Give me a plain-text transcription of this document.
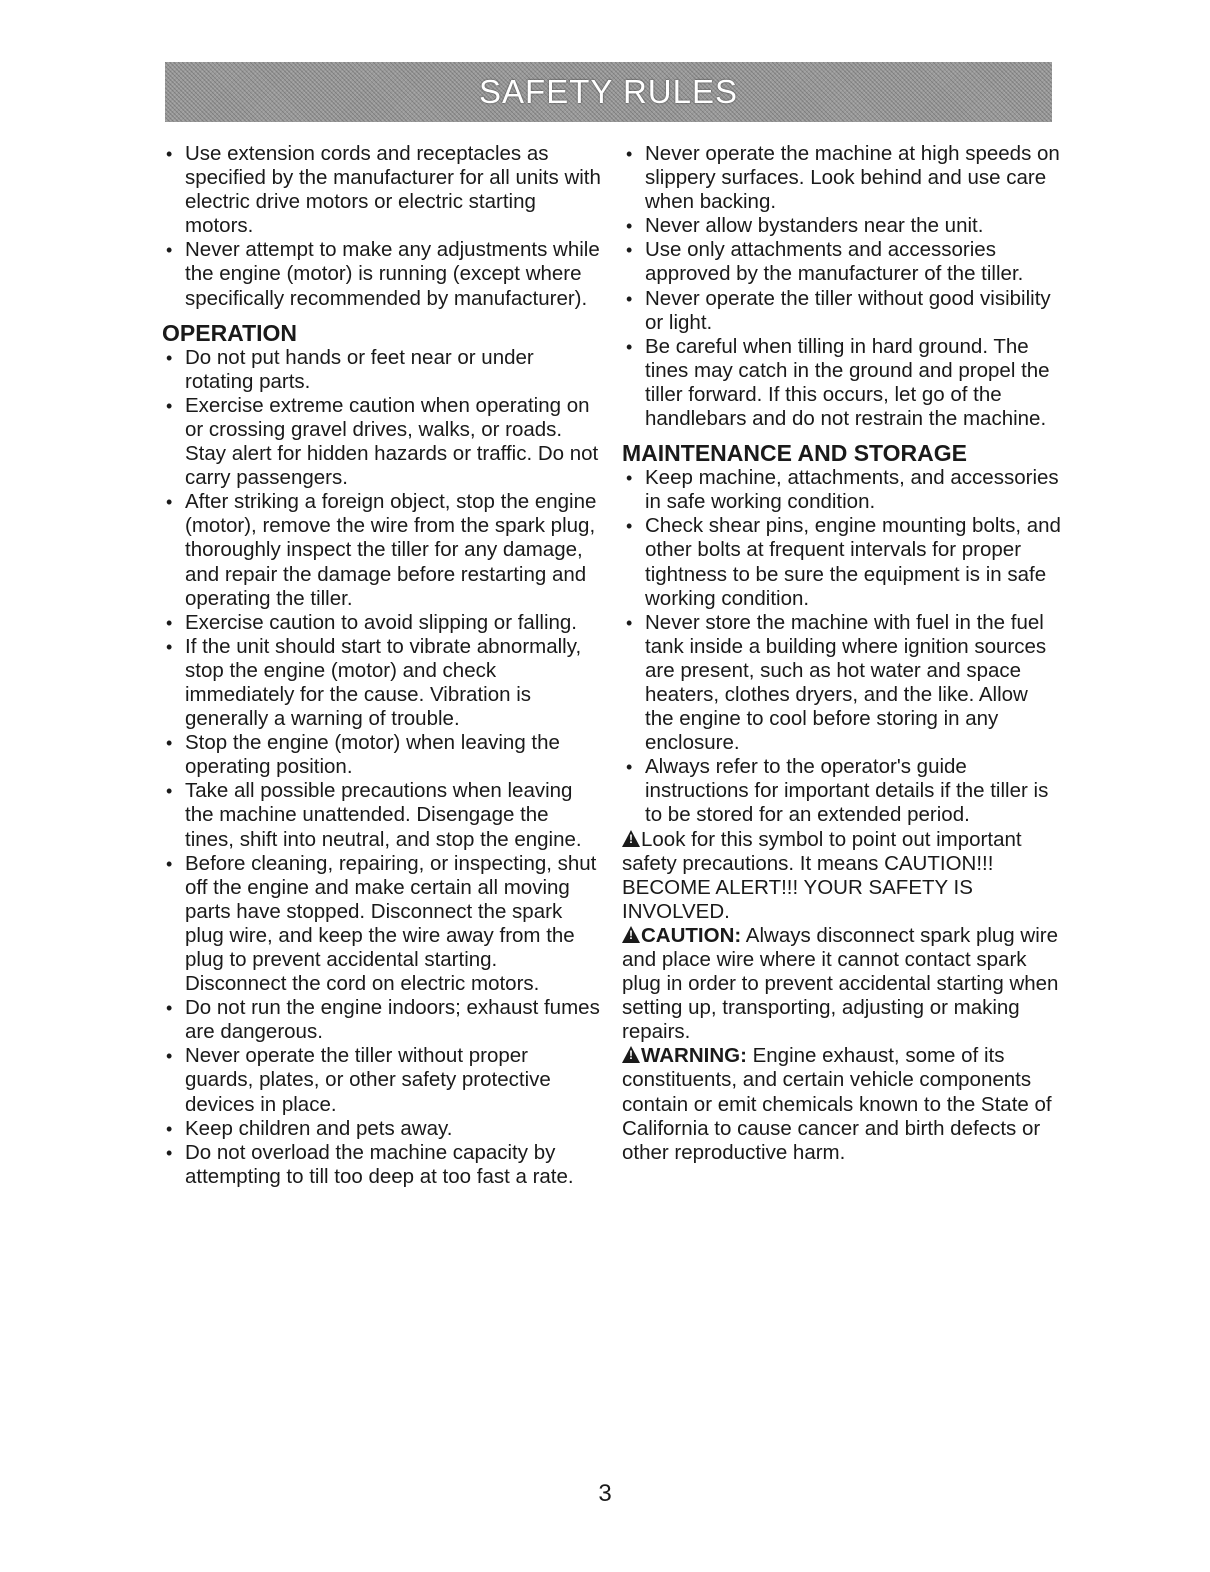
SAFETY RULES
• Use extension cords and receptacles as specified by the manufacturer for all units with electric drive motors or electric starting motors.
• Never attempt to make any adjustments while the engine (motor) is running (except where specifically recommended by manufacturer).
OPERATION
• Do not put hands or feet near or under rotating parts.
• Exercise extreme caution when operating on or crossing gravel drives, walks, or roads. Stay alert for hidden hazards or traffic. Do not carry passengers.
• After striking a foreign object, stop the engine (motor), remove the wire from the spark plug, thoroughly inspect the tiller for any damage, and repair the damage before restarting and operating the tiller.
• Exercise caution to avoid slipping or falling.
• If the unit should start to vibrate abnormally, stop the engine (motor) and check immediately for the cause. Vibration is generally a warning of trouble.
• Stop the engine (motor) when leaving the operating position.
• Take all possible precautions when leaving the machine unattended. Disengage the tines, shift into neutral, and stop the engine.
• Before cleaning, repairing, or inspecting, shut off the engine and make certain all moving parts have stopped. Disconnect the spark plug wire, and keep the wire away from the plug to prevent accidental starting. Disconnect the cord on electric motors.
• Do not run the engine indoors; exhaust fumes are dangerous.
• Never operate the tiller without proper guards, plates, or other safety protective devices in place.
• Keep children and pets away.
• Do not overload the machine capacity by attempting to till too deep at too fast a rate.
• Never operate the machine at high speeds on slippery surfaces. Look behind and use care when backing.
• Never allow bystanders near the unit.
• Use only attachments and accessories approved by the manufacturer of the tiller.
• Never operate the tiller without good visibility or light.
• Be careful when tilling in hard ground. The tines may catch in the ground and propel the tiller forward. If this occurs, let go of the handlebars and do not restrain the machine.
MAINTENANCE AND STORAGE
• Keep machine, attachments, and accessories in safe working condition.
• Check shear pins, engine mounting bolts, and other bolts at frequent intervals for proper tightness to be sure the equipment is in safe working condition.
• Never store the machine with fuel in the fuel tank inside a building where ignition sources are present, such as hot water and space heaters, clothes dryers, and the like. Allow the engine to cool before storing in any enclosure.
• Always refer to the operator's guide instructions for important details if the tiller is to be stored for an extended period.

!Look for this symbol to point out important safety precautions. It means CAUTION!!! BECOME ALERT!!! YOUR SAFETY IS INVOLVED.

!CAUTION: Always disconnect spark plug wire and place wire where it cannot contact spark plug in order to prevent accidental starting when setting up, transporting, adjusting or making repairs.

!WARNING: Engine exhaust, some of its constituents, and certain vehicle components contain or emit chemicals known to the State of California to cause cancer and birth defects or other reproductive harm.

3
